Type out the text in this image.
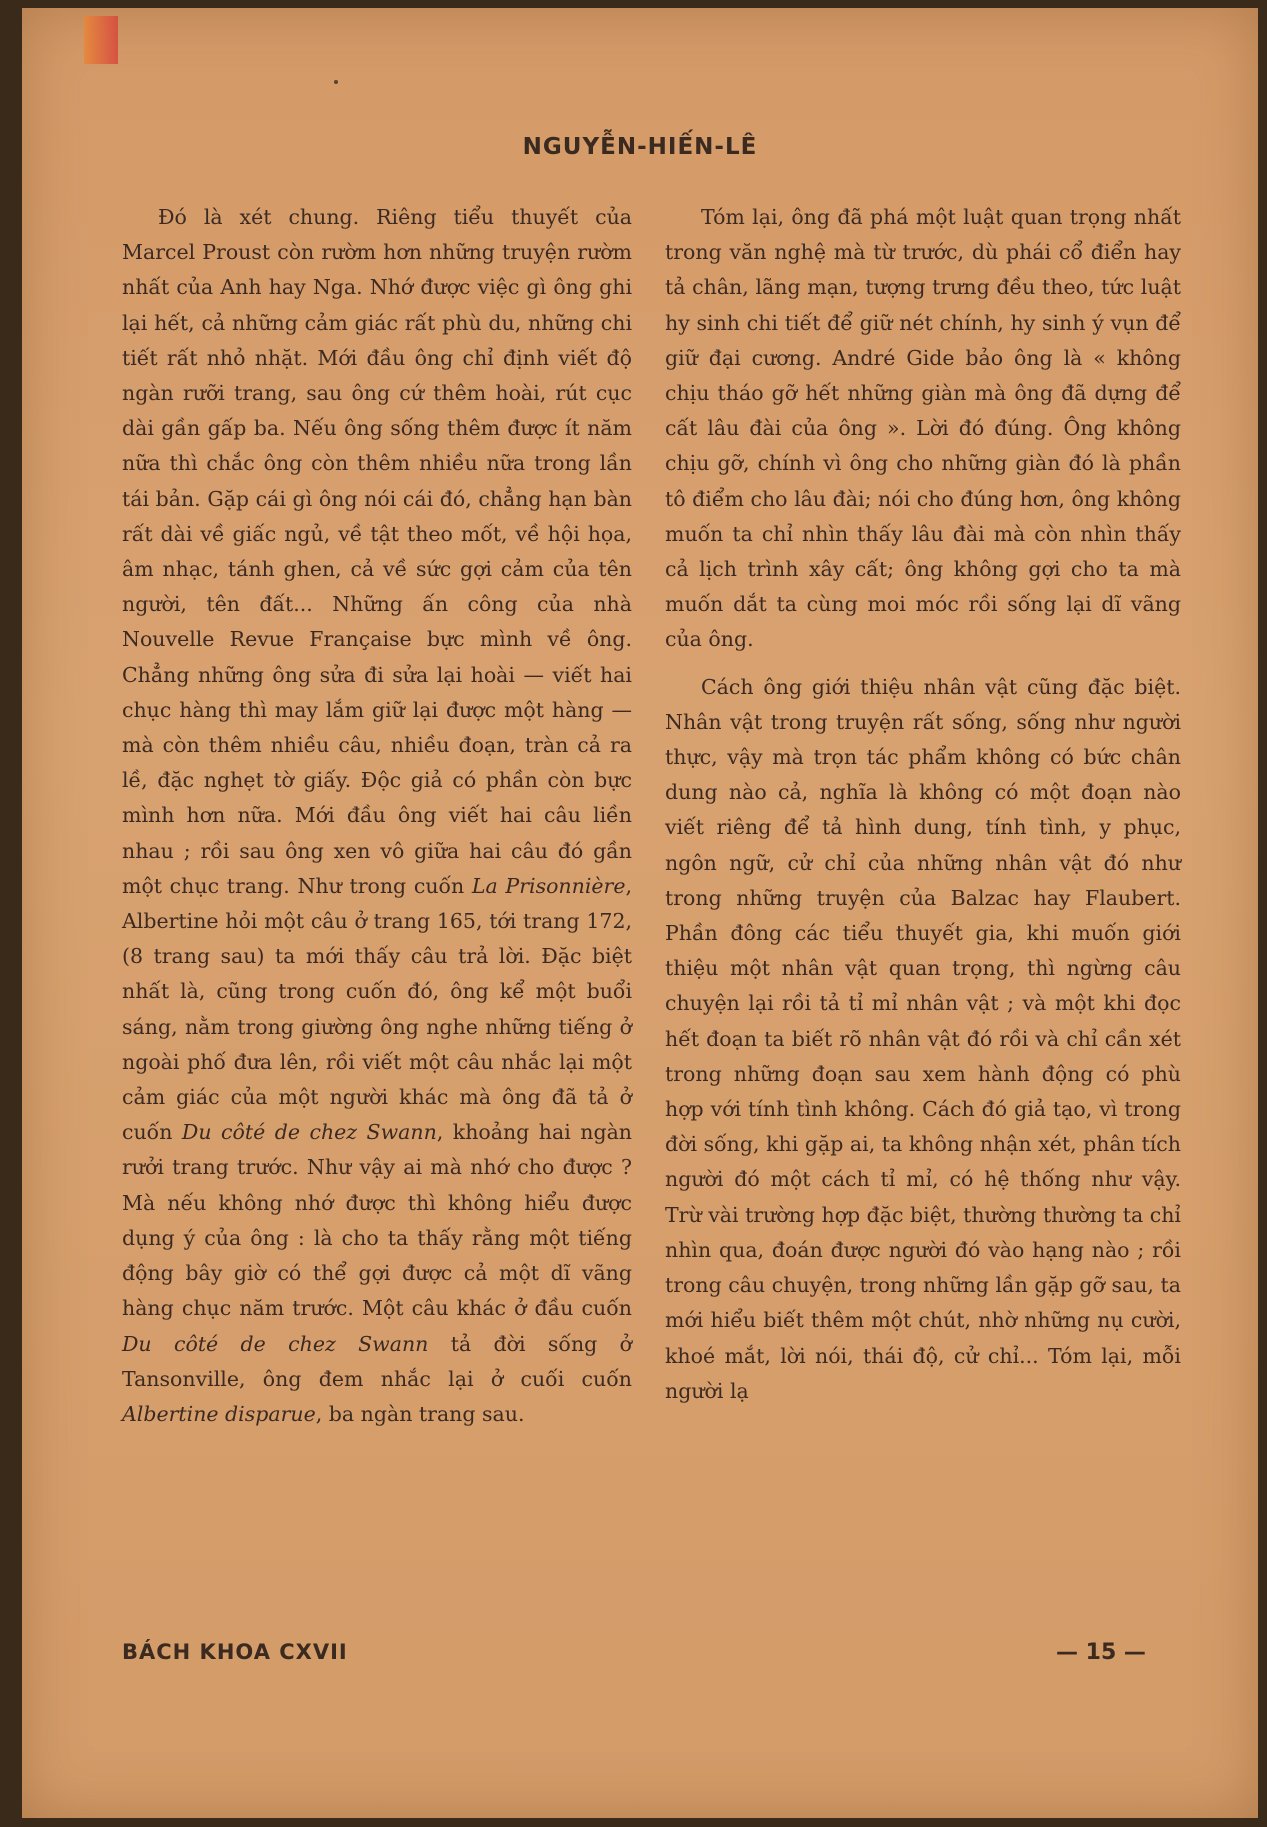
NGUYỄN-HIẾN-LÊ

Đó là xét chung. Riêng tiểu thuyết của Marcel Proust còn rườm hơn những truyện rườm nhất của Anh hay Nga. Nhớ được việc gì ông ghi lại hết, cả những cảm giác rất phù du, những chi tiết rất nhỏ nhặt. Mới đầu ông chỉ định viết độ ngàn rưỡi trang, sau ông cứ thêm hoài, rút cục dài gần gấp ba. Nếu ông sống thêm được ít năm nữa thì chắc ông còn thêm nhiều nữa trong lần tái bản. Gặp cái gì ông nói cái đó, chẳng hạn bàn rất dài về giấc ngủ, về tật theo mốt, về hội họa, âm nhạc, tánh ghen, cả về sức gợi cảm của tên người, tên đất... Những ấn công của nhà Nouvelle Revue Française bực mình về ông. Chẳng những ông sửa đi sửa lại hoài — viết hai chục hàng thì may lắm giữ lại được một hàng — mà còn thêm nhiều câu, nhiều đoạn, tràn cả ra lề, đặc nghẹt tờ giấy. Độc giả có phần còn bực mình hơn nữa. Mới đầu ông viết hai câu liền nhau ; rồi sau ông xen vô giữa hai câu đó gần một chục trang. Như trong cuốn La Prisonnière, Albertine hỏi một câu ở trang 165, tới trang 172, (8 trang sau) ta mới thấy câu trả lời. Đặc biệt nhất là, cũng trong cuốn đó, ông kể một buổi sáng, nằm trong giường ông nghe những tiếng ở ngoài phố đưa lên, rồi viết một câu nhắc lại một cảm giác của một người khác mà ông đã tả ở cuốn Du côté de chez Swann, khoảng hai ngàn rưởi trang trước. Như vậy ai mà nhớ cho được ? Mà nếu không nhớ được thì không hiểu được dụng ý của ông : là cho ta thấy rằng một tiếng động bây giờ có thể gợi được cả một dĩ vãng hàng chục năm trước. Một câu khác ở đầu cuốn Du côté de chez Swann tả đời sống ở Tansonville, ông đem nhắc lại ở cuối cuốn Albertine disparue, ba ngàn trang sau.

Tóm lại, ông đã phá một luật quan trọng nhất trong văn nghệ mà từ trước, dù phái cổ điển hay tả chân, lãng mạn, tượng trưng đều theo, tức luật hy sinh chi tiết để giữ nét chính, hy sinh ý vụn để giữ đại cương. André Gide bảo ông là « không chịu tháo gỡ hết những giàn mà ông đã dựng để cất lâu đài của ông ». Lời đó đúng. Ông không chịu gỡ, chính vì ông cho những giàn đó là phần tô điểm cho lâu đài; nói cho đúng hơn, ông không muốn ta chỉ nhìn thấy lâu đài mà còn nhìn thấy cả lịch trình xây cất; ông không gợi cho ta mà muốn dắt ta cùng moi móc rồi sống lại dĩ vãng của ông.

Cách ông giới thiệu nhân vật cũng đặc biệt. Nhân vật trong truyện rất sống, sống như người thực, vậy mà trọn tác phẩm không có bức chân dung nào cả, nghĩa là không có một đoạn nào viết riêng để tả hình dung, tính tình, y phục, ngôn ngữ, cử chỉ của những nhân vật đó như trong những truyện của Balzac hay Flaubert. Phần đông các tiểu thuyết gia, khi muốn giới thiệu một nhân vật quan trọng, thì ngừng câu chuyện lại rồi tả tỉ mỉ nhân vật ; và một khi đọc hết đoạn ta biết rõ nhân vật đó rồi và chỉ cần xét trong những đoạn sau xem hành động có phù hợp với tính tình không. Cách đó giả tạo, vì trong đời sống, khi gặp ai, ta không nhận xét, phân tích người đó một cách tỉ mỉ, có hệ thống như vậy. Trừ vài trường hợp đặc biệt, thường thường ta chỉ nhìn qua, đoán được người đó vào hạng nào ; rồi trong câu chuyện, trong những lần gặp gỡ sau, ta mới hiểu biết thêm một chút, nhờ những nụ cười, khoé mắt, lời nói, thái độ, cử chỉ... Tóm lại, mỗi người lạ

BÁCH KHOA CXVII	— 15 —
